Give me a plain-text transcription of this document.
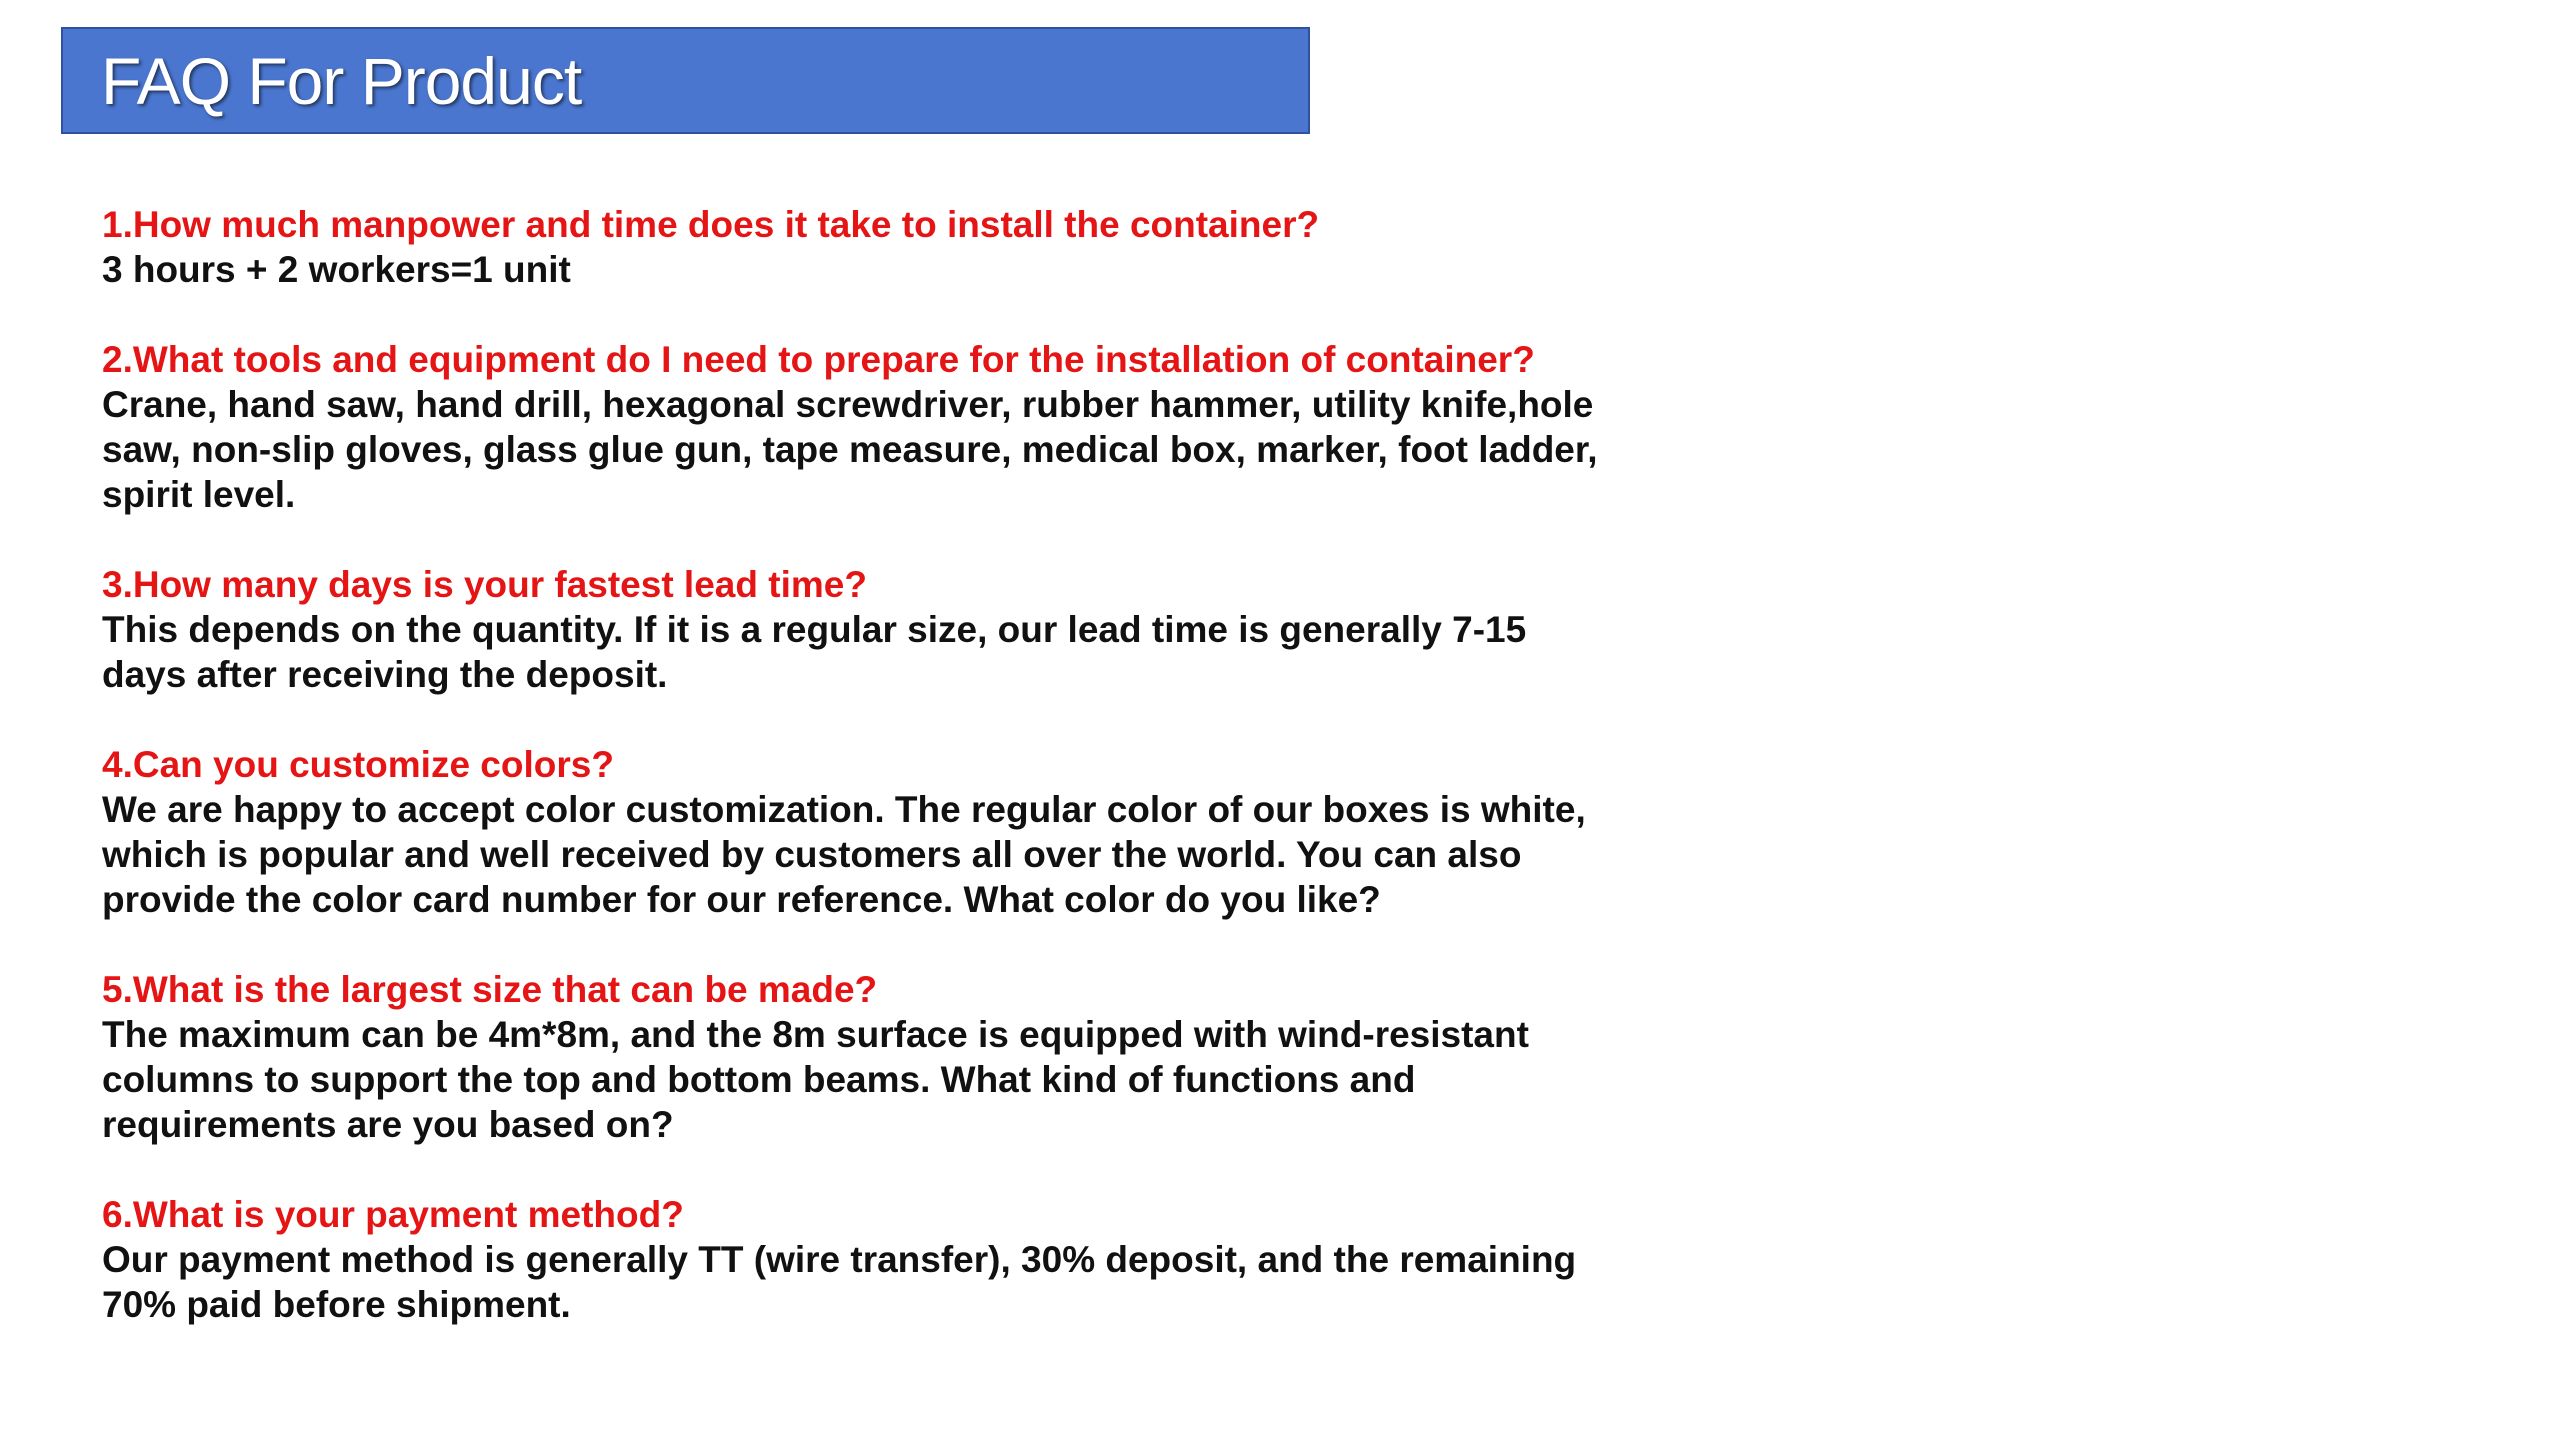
FAQ For Product
1.How much manpower and time does it take to install the container?
3 hours + 2 workers=1 unit
2.What tools and equipment do I need to prepare for the installation of container?
Crane, hand saw, hand drill, hexagonal screwdriver, rubber hammer, utility knife,hole
saw, non-slip gloves, glass glue gun, tape measure, medical box, marker, foot ladder,
spirit level.
3.How many days is your fastest lead time?
This depends on the quantity. If it is a regular size, our lead time is generally 7-15
days after receiving the deposit.
4.Can you customize colors?
We are happy to accept color customization. The regular color of our boxes is white,
which is popular and well received by customers all over the world. You can also
provide the color card number for our reference. What color do you like?
5.What is the largest size that can be made?
The maximum can be 4m*8m, and the 8m surface is equipped with wind-resistant
columns to support the top and bottom beams. What kind of functions and
requirements are you based on?
6.What is your payment method?
Our payment method is generally TT (wire transfer), 30% deposit, and the remaining
70% paid before shipment.
